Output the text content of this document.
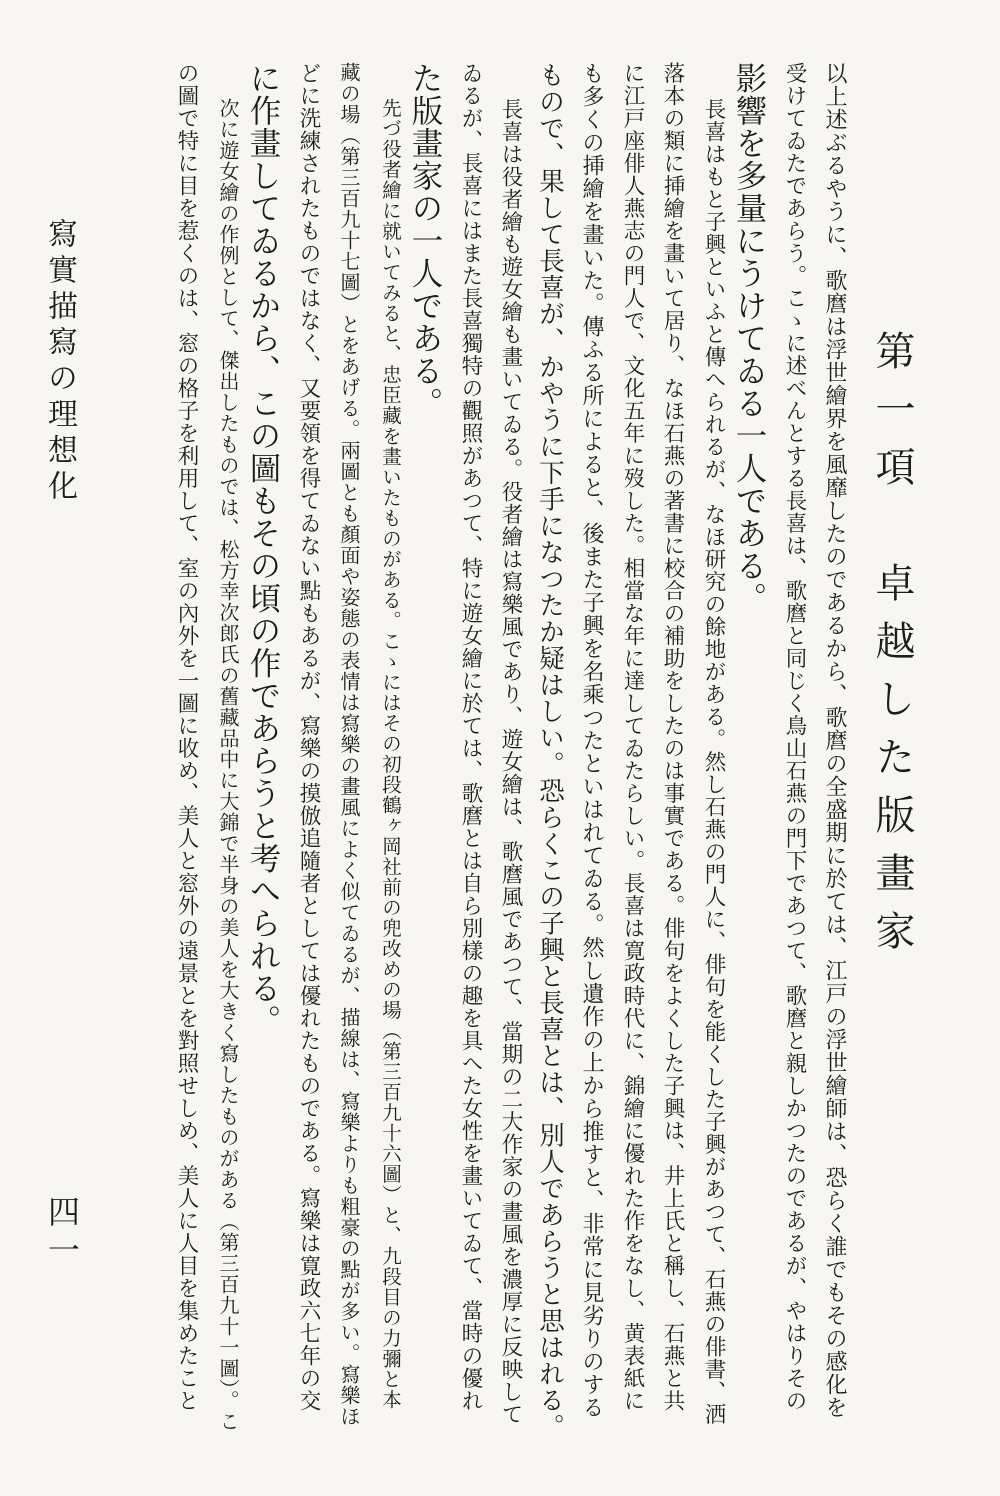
第一項　卓越した版畫家
以上述ぶるやうに、歌麿は浮世繪界を風靡したのであるから、歌麿の全盛期に於ては、江戸の浮世繪師は、恐らく誰でもその感化を
受けてゐたであらう。こゝに述べんとする長喜は、歌麿と同じく鳥山石燕の門下であつて、歌麿と親しかつたのであるが、やはりその
影響を多量にうけてゐる一人である。
長喜はもと子興といふと傳へられるが、なほ研究の餘地がある。然し石燕の門人に、俳句を能くした子興があつて、石燕の俳書、洒
落本の類に挿繪を畫いて居り、なほ石燕の著書に校合の補助をしたのは事實である。俳句をよくした子興は、井上氏と稱し、石燕と共
に江戸座俳人燕志の門人で、文化五年に歿した。相當な年に達してゐたらしい。長喜は寛政時代に、錦繪に優れた作をなし、黄表紙に
も多くの挿繪を畫いた。傳ふる所によると、後また子興を名乘つたといはれてゐる。然し遺作の上から推すと、非常に見劣りのする
もので、果して長喜が、かやうに下手になつたか疑はしい。恐らくこの子興と長喜とは、別人であらうと思はれる。
長喜は役者繪も遊女繪も畫いてゐる。役者繪は寫樂風であり、遊女繪は、歌麿風であつて、當期の二大作家の畫風を濃厚に反映して
ゐるが、長喜にはまた長喜獨特の觀照があつて、特に遊女繪に於ては、歌麿とは自ら別樣の趣を具へた女性を畫いてゐて、當時の優れ
た版畫家の一人である。
先づ役者繪に就いてみると、忠臣藏を畫いたものがある。こゝにはその初段鶴ヶ岡社前の兜改めの場（第三百九十六圖）と、九段目の力彌と本
藏の場（第三百九十七圖）とをあげる。兩圖とも顏面や姿態の表情は寫樂の畫風によく似てゐるが、描線は、寫樂よりも粗豪の點が多い。寫樂ほ
どに洗練されたものではなく、又要領を得てゐない點もあるが、寫樂の摸倣追隨者としては優れたものである。寫樂は寛政六七年の交
に作畫してゐるから、この圖もその頃の作であらうと考へられる。
次に遊女繪の作例として、傑出したものでは、松方幸次郎氏の舊藏品中に大錦で半身の美人を大きく寫したものがある（第三百九十一圖）。こ
の圖で特に目を惹くのは、窓の格子を利用して、室の內外を一圖に收め、美人と窓外の遠景とを對照せしめ、美人に人目を集めたこと
寫實描寫の理想化
四一
